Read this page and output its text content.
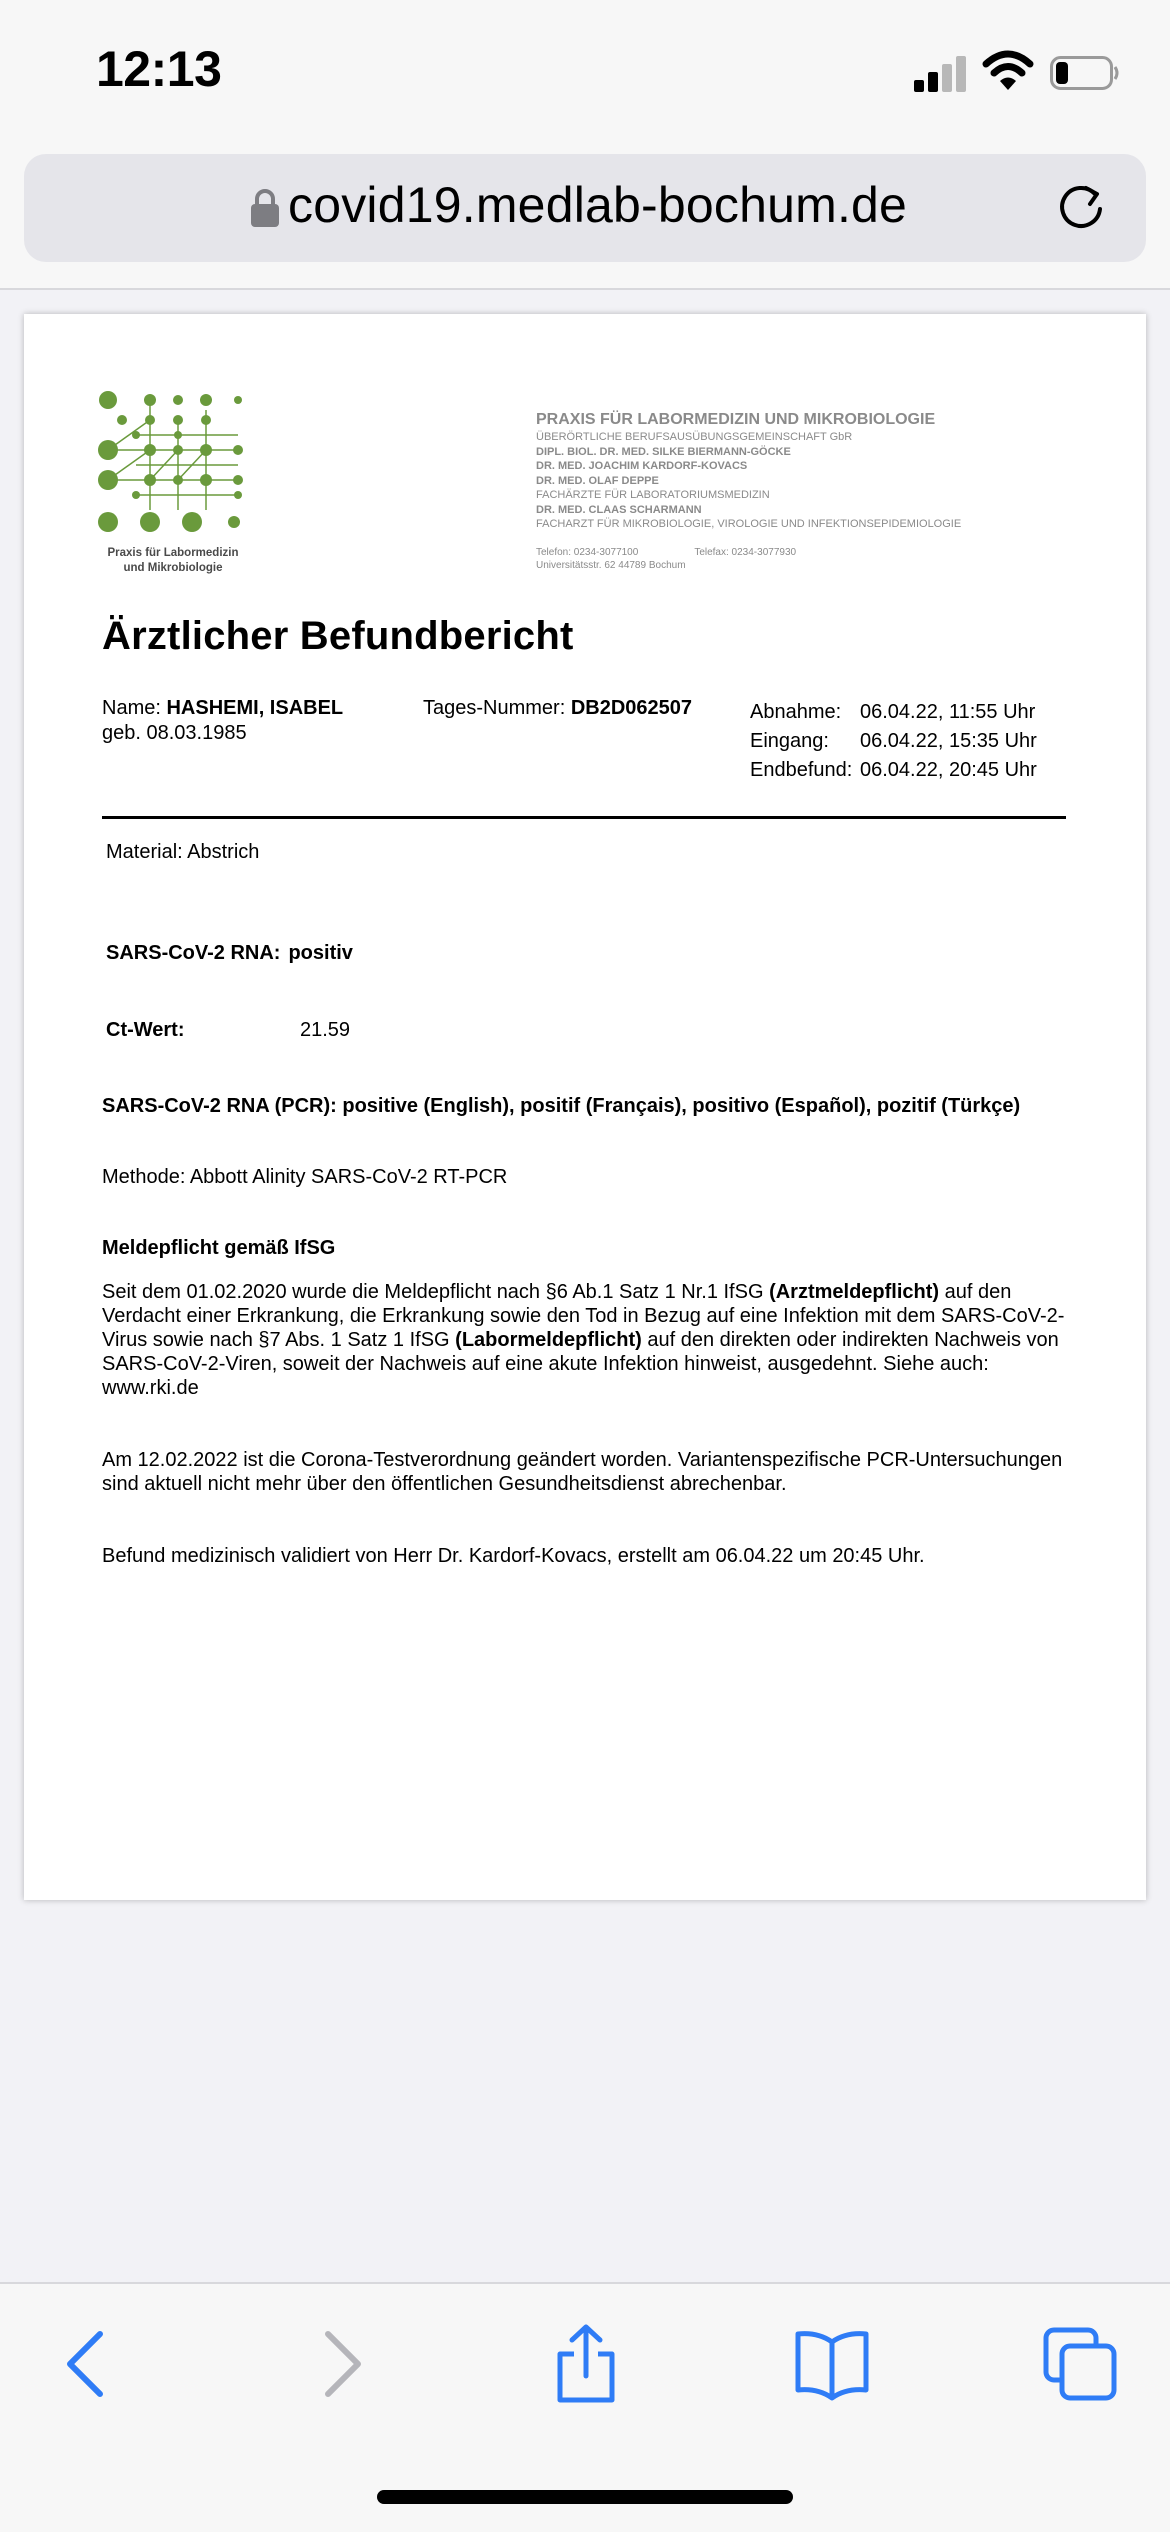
12:13
covid19.medlab-bochum.de
Praxis für Labormedizin
und Mikrobiologie
PRAXIS FÜR LABORMEDIZIN UND MIKROBIOLOGIE
ÜBERÖRTLICHE BERUFSAUSÜBUNGSGEMEINSCHAFT GbR
DIPL. BIOL. DR. MED. SILKE BIERMANN-GÖCKE
DR. MED. JOACHIM KARDORF-KOVACS
DR. MED. OLAF DEPPE
FACHÄRZTE FÜR LABORATORIUMSMEDIZIN
DR. MED. CLAAS SCHARMANN
FACHARZT FÜR MIKROBIOLOGIE, VIROLOGIE UND INFEKTIONSEPIDEMIOLOGIE
Telefon: 0234-3077100	Telefax: 0234-3077930
Universitätsstr. 62 44789 Bochum
Ärztlicher Befundbericht
Name: HASHEMI, ISABEL
geb. 08.03.1985
Tages-Nummer: DB2D062507	Abnahme: 06.04.22, 11:55 Uhr
Eingang:	06.04.22, 15:35 Uhr
Endbefund: 06.04.22, 20:45 Uhr
Material: Abstrich
SARS-CoV-2 RNA: positiv
Ct-Wert:	21.59
SARS-CoV-2 RNA (PCR): positive (English), positif (Français), positivo (Español), pozitif (Türkçe)
Methode: Abbott Alinity SARS-CoV-2 RT-PCR
Meldepflicht gemäß IfSG
Seit dem 01.02.2020 wurde die Meldepflicht nach §6 Ab.1 Satz 1 Nr.1 IfSG (Arztmeldepflicht) auf den Verdacht einer Erkrankung, die Erkrankung sowie den Tod in Bezug auf eine Infektion mit dem SARS-CoV-2-Virus sowie nach §7 Abs. 1 Satz 1 IfSG (Labormeldepflicht) auf den direkten oder indirekten Nachweis von SARS-CoV-2-Viren, soweit der Nachweis auf eine akute Infektion hinweist, ausgedehnt. Siehe auch: www.rki.de
Am 12.02.2022 ist die Corona-Testverordnung geändert worden. Variantenspezifische PCR-Untersuchungen sind aktuell nicht mehr über den öffentlichen Gesundheitsdienst abrechenbar.
Befund medizinisch validiert von Herr Dr. Kardorf-Kovacs, erstellt am 06.04.22 um 20:45 Uhr.
